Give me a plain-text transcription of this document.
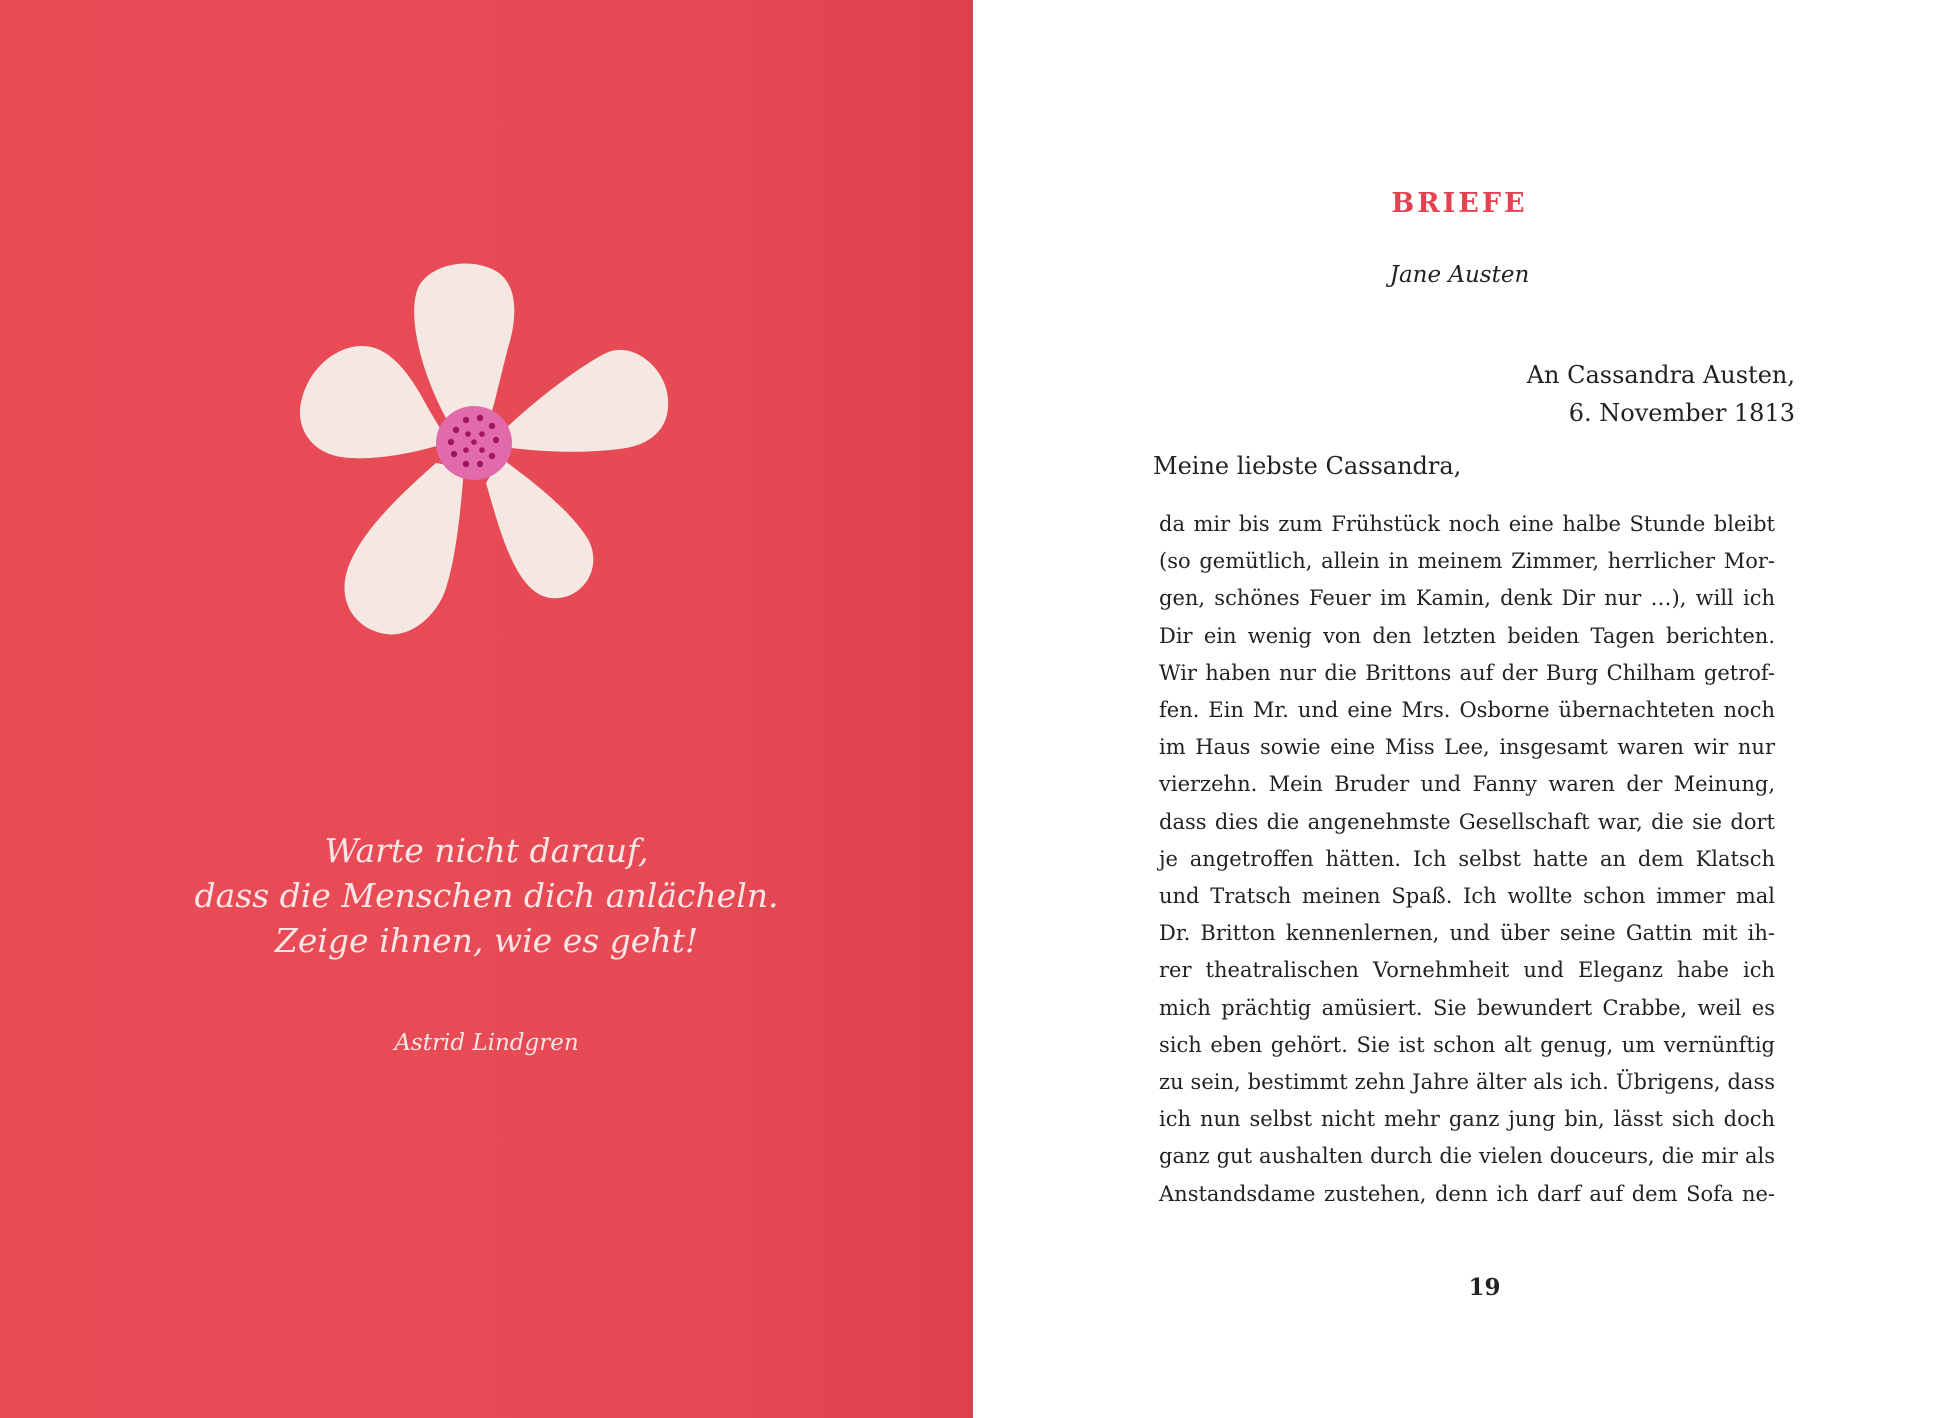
Warte nicht darauf,
dass die Menschen dich anlächeln.
Zeige ihnen, wie es geht!
Astrid Lindgren
BRIEFE
Jane Austen
An Cassandra Austen,
6. November 1813
Meine liebste Cassandra,
da mir bis zum Frühstück noch eine halbe Stunde bleibt
(so gemütlich, allein in meinem Zimmer, herrlicher Mor-
gen, schönes Feuer im Kamin, denk Dir nur …), will ich
Dir ein wenig von den letzten beiden Tagen berichten.
Wir haben nur die Brittons auf der Burg Chilham getrof-
fen. Ein Mr. und eine Mrs. Osborne übernachteten noch
im Haus sowie eine Miss Lee, insgesamt waren wir nur
vierzehn. Mein Bruder und Fanny waren der Meinung,
dass dies die angenehmste Gesellschaft war, die sie dort
je angetroffen hätten. Ich selbst hatte an dem Klatsch
und Tratsch meinen Spaß. Ich wollte schon immer mal
Dr. Britton kennenlernen, und über seine Gattin mit ih-
rer theatralischen Vornehmheit und Eleganz habe ich
mich prächtig amüsiert. Sie bewundert Crabbe, weil es
sich eben gehört. Sie ist schon alt genug, um vernünftig
zu sein, bestimmt zehn Jahre älter als ich. Übrigens, dass
ich nun selbst nicht mehr ganz jung bin, lässt sich doch
ganz gut aushalten durch die vielen douceurs, die mir als
Anstandsdame zustehen, denn ich darf auf dem Sofa ne-
19
